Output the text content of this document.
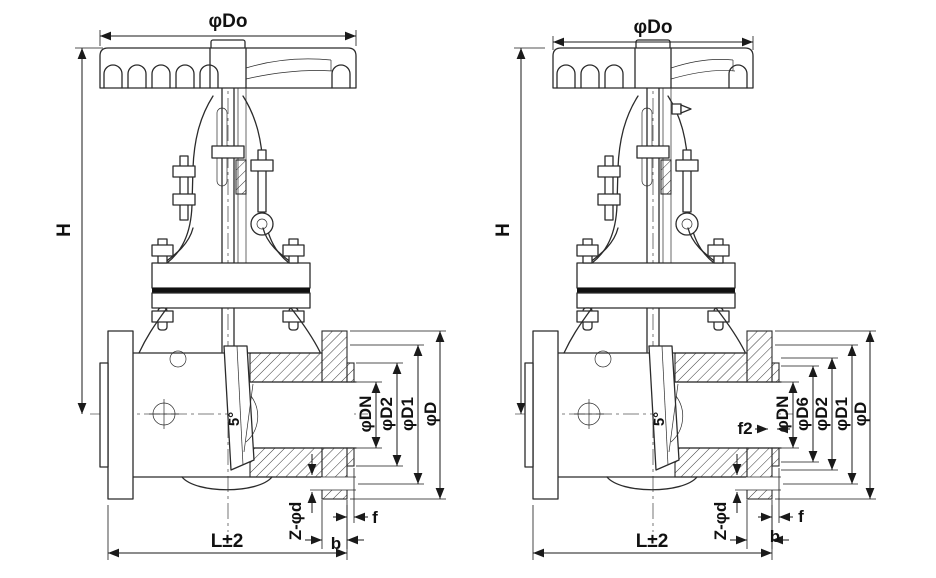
φDo
H
φDN φD2 φD1 φD
L±2
Z-φd
b
f
5°
φDo
H
φDN φD6 φD2 φD1 φD
f2
L±2
Z-φd b
f
5°
